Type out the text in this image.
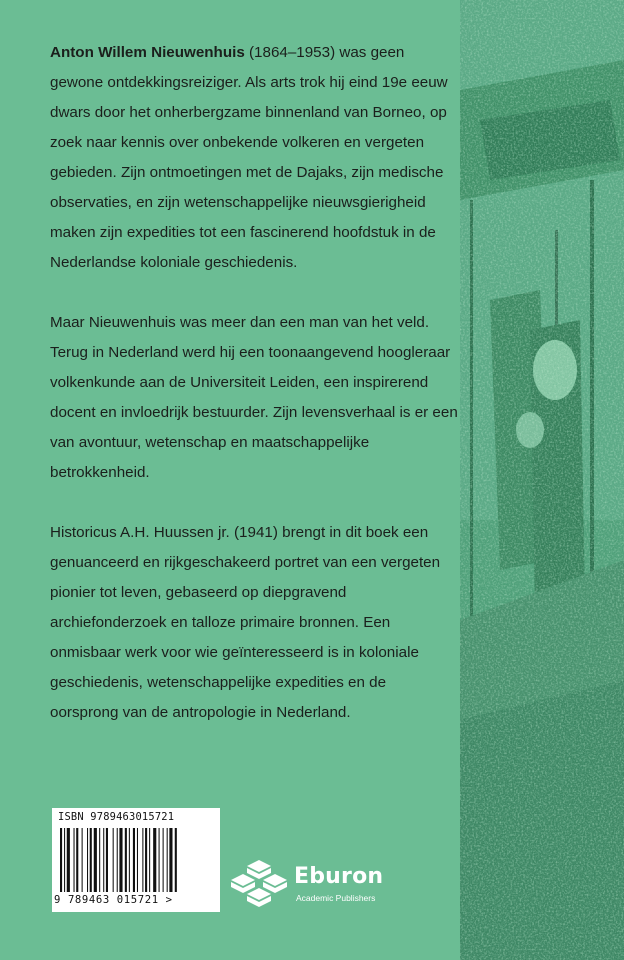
Anton Willem Nieuwenhuis (1864–1953) was geen gewone ontdekkingsreiziger. Als arts trok hij eind 19e eeuw dwars door het onherbergzame binnenland van Borneo, op zoek naar kennis over onbekende volkeren en vergeten gebieden. Zijn ontmoetingen met de Dajaks, zijn medische observaties, en zijn wetenschappelijke nieuwsgierigheid maken zijn expedities tot een fascinerend hoofdstuk in de Nederlandse koloniale geschiedenis.

Maar Nieuwenhuis was meer dan een man van het veld. Terug in Nederland werd hij een toonaangevend hoogleraar volkenkunde aan de Universiteit Leiden, een inspirerend docent en invloedrijk bestuurder. Zijn levensverhaal is er een van avontuur, wetenschap en maatschappelijke betrokkenheid.

Historicus A.H. Huussen jr. (1941) brengt in dit boek een genuanceerd en rijkgeschakeerd portret van een vergeten pionier tot leven, gebaseerd op diepgravend archiefonderzoek en talloze primaire bronnen. Een onmisbaar werk voor wie geïnteresseerd is in koloniale geschiedenis, wetenschappelijke expedities en de oorsprong van de antropologie in Nederland.

ISBN 9789463015721
9 789463 015721 >
Eburon
Academic Publishers
